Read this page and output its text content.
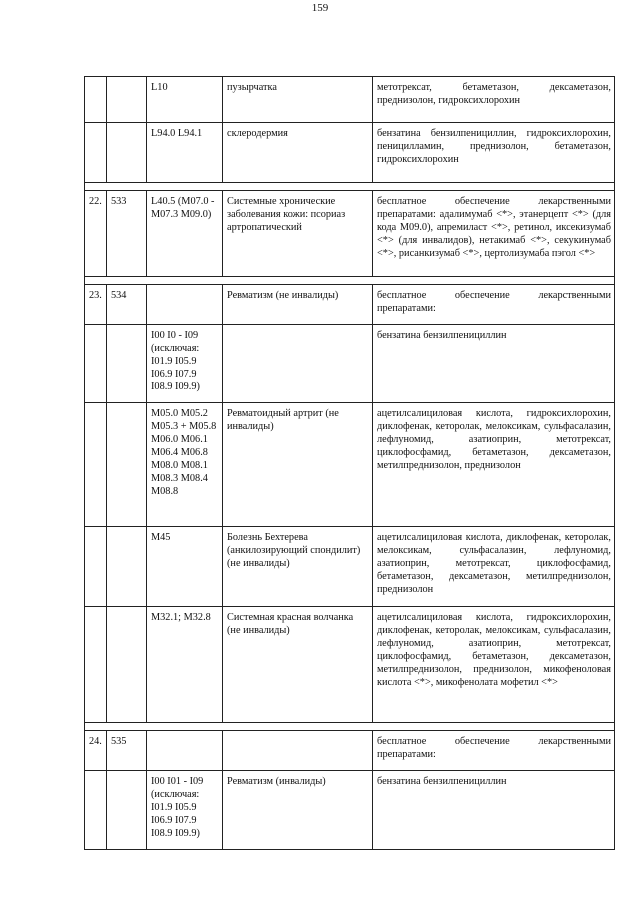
159
		L10	пузырчатка	метотрексат, бетаметазон, дексаметазон, преднизолон, гидроксихлорохин
		L94.0 L94.1	склеродермия	бензатина бензилпенициллин, гидроксихлорохин, пеницилламин, преднизолон, бетаметазон, гидроксихлорохин

22.	533	L40.5 (M07.0 - M07.3 M09.0)	Системные хронические заболевания кожи: псориаз артропатический	бесплатное обеспечение лекарственными препаратами: адалимумаб <*>, этанерцепт <*> (для кода M09.0), апремиласт <*>, ретинол, иксекизумаб <*> (для инвалидов), нетакимаб <*>, секукинумаб <*>, рисанкизумаб <*>, цертолизумаба пэгол <*>

23.	534		Ревматизм (не инвалиды)	бесплатное обеспечение лекарственными препаратами:
		I00 I0 - I09 (исключая: I01.9 I05.9 I06.9 I07.9 I08.9 I09.9)		бензатина бензилпенициллин
		M05.0 M05.2 M05.3 + M05.8 M06.0 M06.1 M06.4 M06.8 M08.0 M08.1 M08.3 M08.4 M08.8	Ревматоидный артрит (не инвалиды)	ацетилсалициловая кислота, гидроксихлорохин, диклофенак, кеторолак, мелоксикам, сульфасалазин, лефлуномид, азатиоприн, метотрексат, циклофосфамид, бетаметазон, дексаметазон, метилпреднизолон, преднизолон
		M45	Болезнь Бехтерева (анкилозирующий спондилит) (не инвалиды)	ацетилсалициловая кислота, диклофенак, кеторолак, мелоксикам, сульфасалазин, лефлуномид, азатиоприн, метотрексат, циклофосфамид, бетаметазон, дексаметазон, метилпреднизолон, преднизолон
		M32.1; M32.8	Системная красная волчанка (не инвалиды)	ацетилсалициловая кислота, гидроксихлорохин, диклофенак, кеторолак, мелоксикам, сульфасалазин, лефлуномид, азатиоприн, метотрексат, циклофосфамид, бетаметазон, дексаметазон, метилпреднизолон, преднизолон, микофеноловая кислота <*>, микофенолата мофетил <*>

24.	535			бесплатное обеспечение лекарственными препаратами:
		I00 I01 - I09 (исключая: I01.9 I05.9 I06.9 I07.9 I08.9 I09.9)	Ревматизм (инвалиды)	бензатина бензилпенициллин
